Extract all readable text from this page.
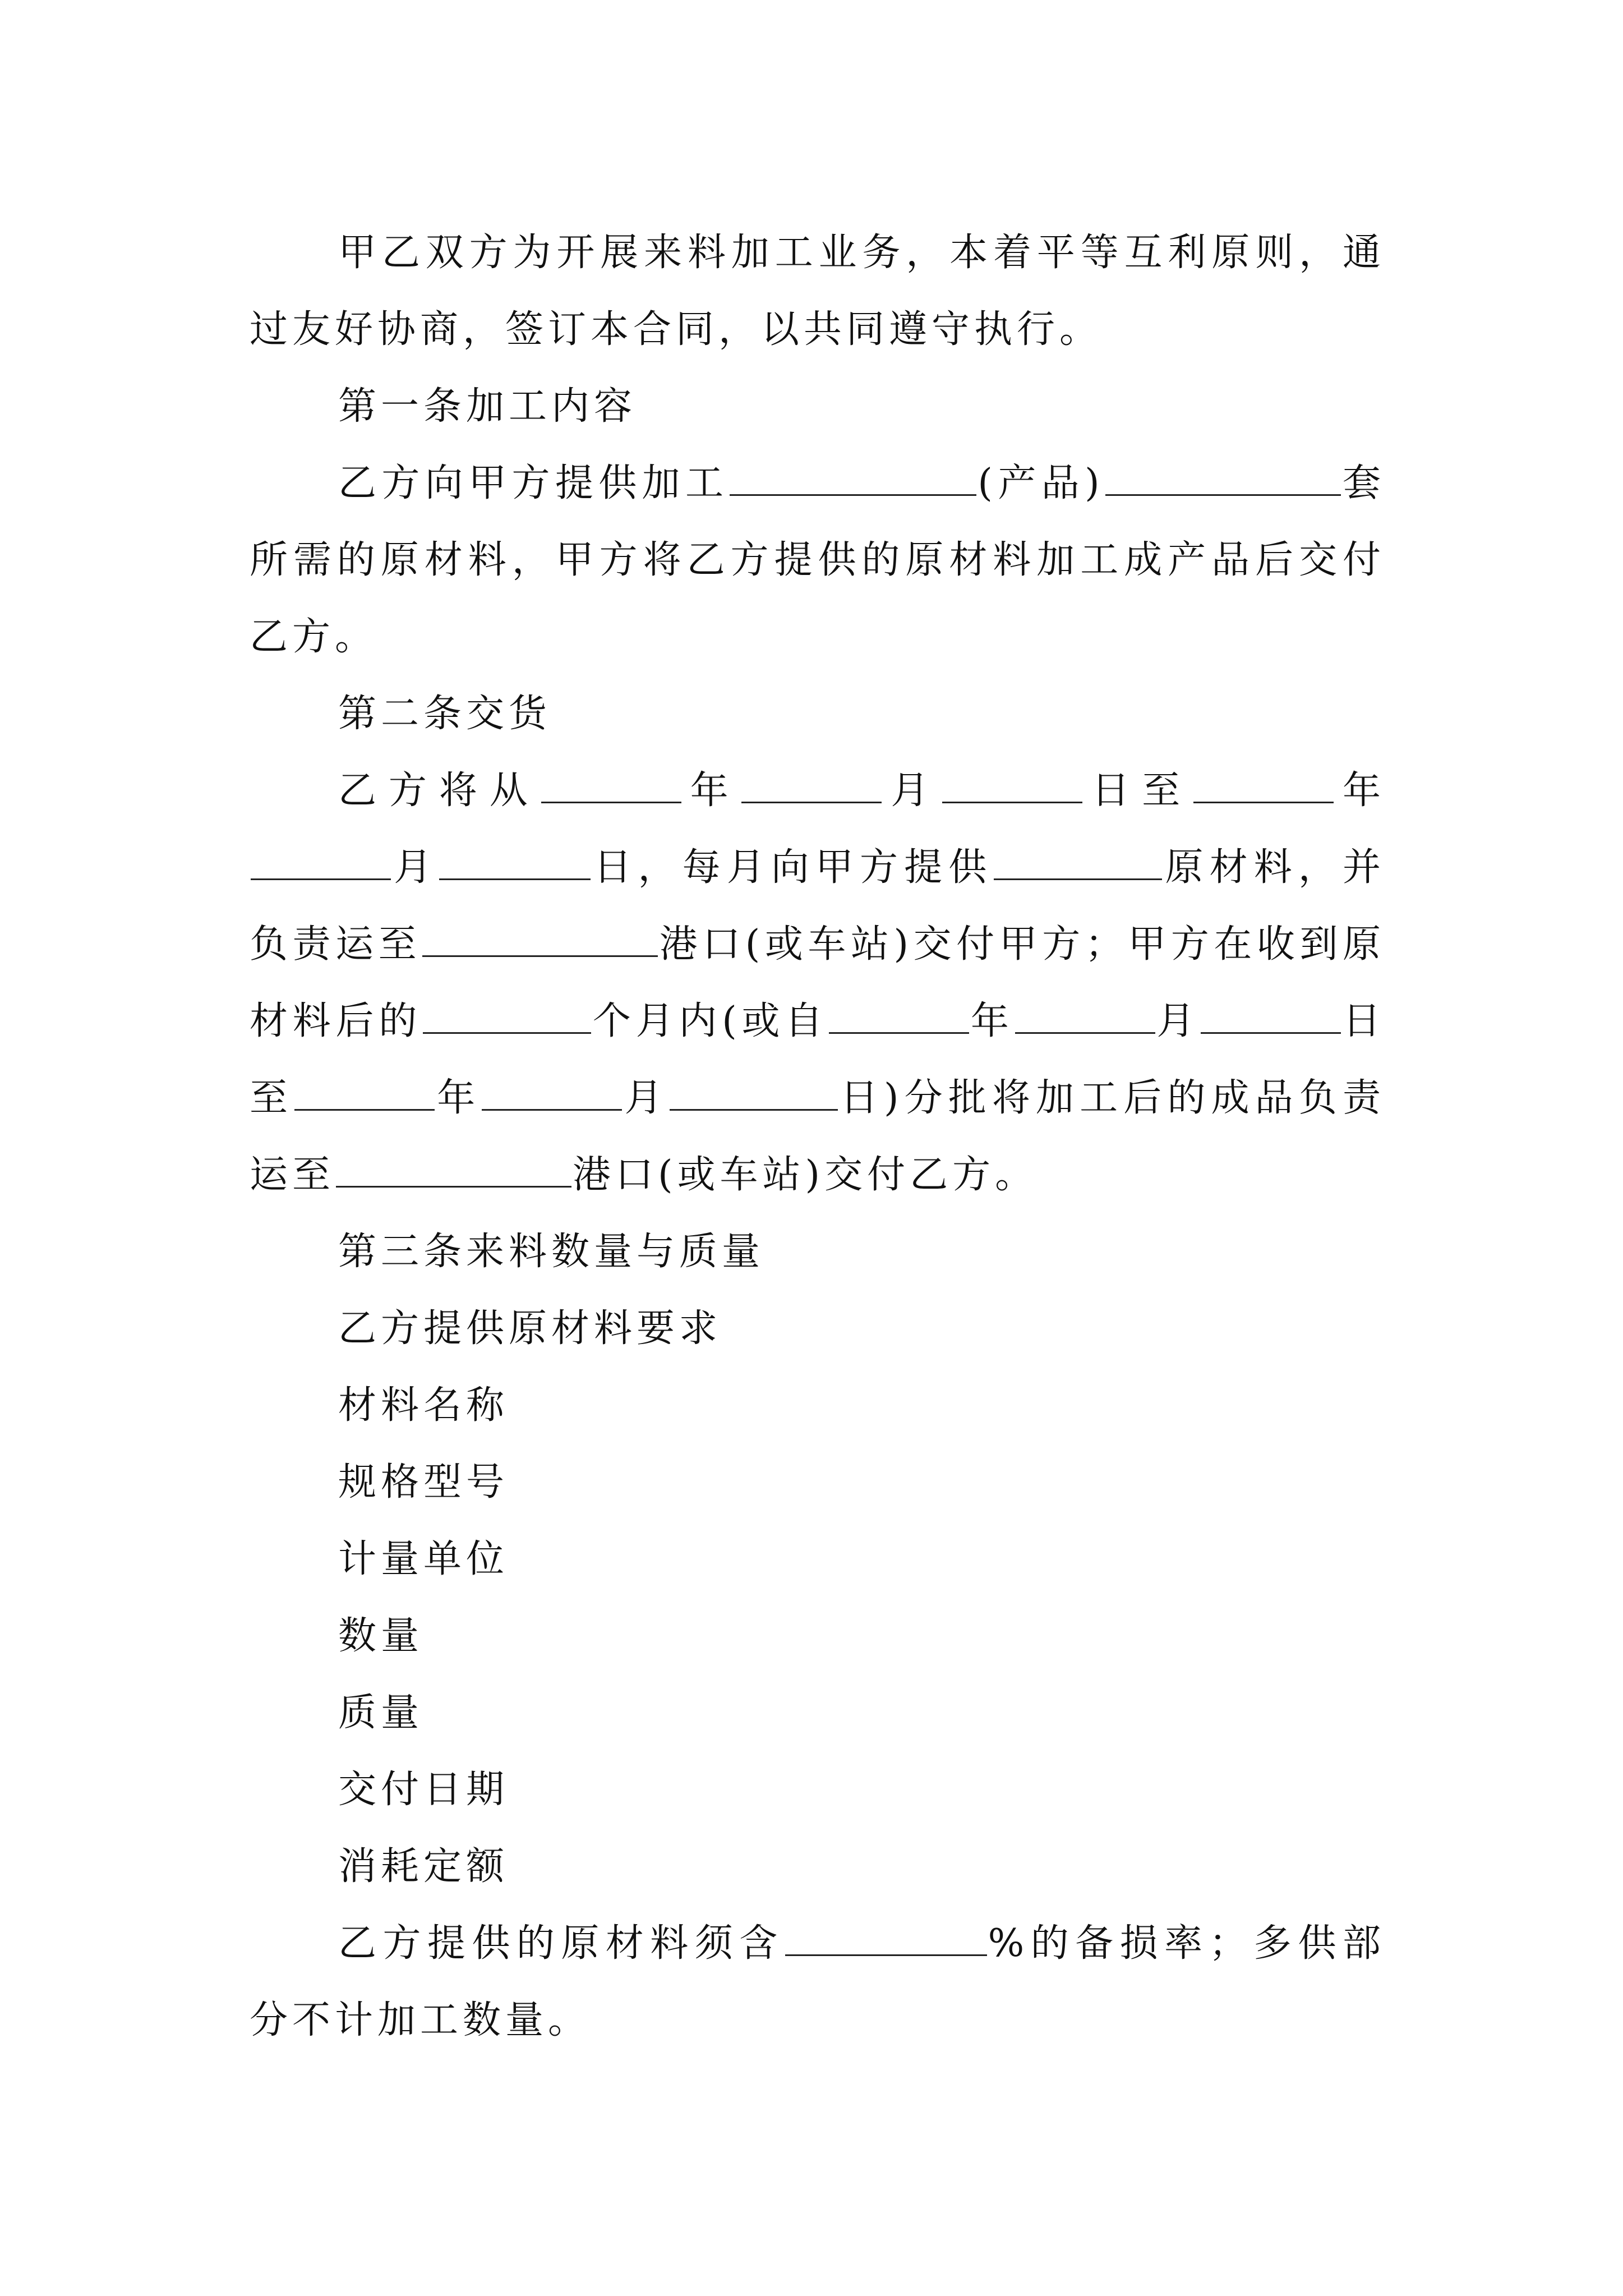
甲乙双方为开展来料加工业务，本着平等互利原则，通过友好协商，签订本合同，以共同遵守执行。

第一条加工内容

乙方向甲方提供加工	(产品)	套所需的原材料，甲方将乙方提供的原材料加工成产品后交付乙方。

第二条交货

乙方将从	年	月	日至	年月	日，每月向甲方提供	原材料，并负责运至	港口(或车站)交付甲方；甲方在收到原材料后的	个月内(或自	年	月	日至	年	月	日)分批将加工后的成品负责运至	港口(或车站)交付乙方。

第三条来料数量与质量

乙方提供原材料要求

材料名称

规格型号

计量单位

数量

质量

交付日期

消耗定额

乙方提供的原材料须含	%的备损率；多供部分不计加工数量。
